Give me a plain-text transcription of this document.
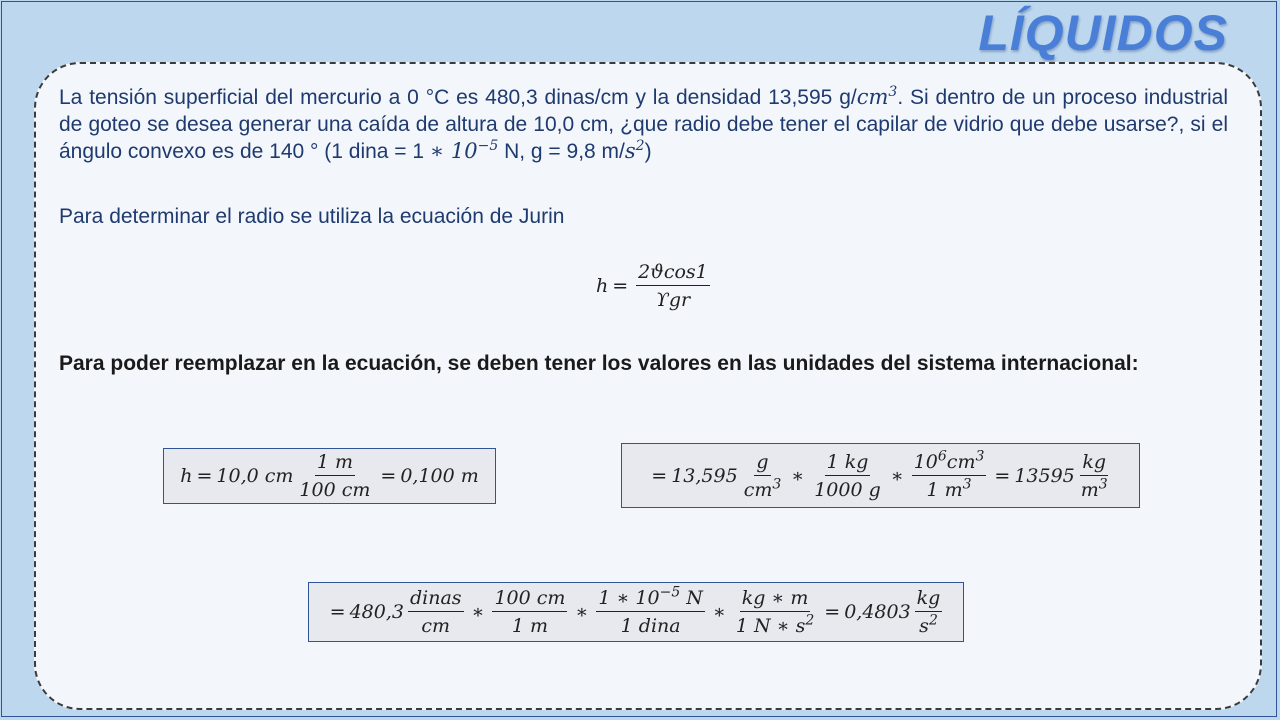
LÍQUIDOS
La tensión superficial del mercurio a 0 °C es 480,3 dinas/cm y la densidad 13,595 $g/cm^3$. Si dentro de un proceso industrial de goteo se desea generar una caída de altura de 10,0 cm, ¿que radio debe tener el capilar de vidrio que debe usarse?, si el ángulo convexo es de 140 ° (1 dina = 1 ∗ $10^{-5}$ N, g = 9,8 $m/s^2$)
Para determinar el radio se utiliza la ecuación de Jurin
$h = \frac{2ϑ\cos 1}{\text{ϒgr}}$
Para poder reemplazar en la ecuación, se deben tener los valores en las unidades del sistema internacional:
h = 10,0 cm $\frac{1 m}{100 cm} = 0,100$ m	= $13,595 \frac{g}{cm^3}$ ∗ $\frac{1 kg}{1000 g}$ ∗ $\frac{10^6cm^3}{1 m^3} = 13595 \frac{kg}{m^3}$
= $480,3 \frac{\text{dinas}}{cm}$ ∗ $\frac{100 cm}{1 m}$ ∗ $\frac{1 ∗ 10^{-5} N}{\text{1 dina}}$ ∗ $\frac{kg ∗ m}{1 N ∗ s^2} = 0,4803 \frac{kg}{s^2}$
